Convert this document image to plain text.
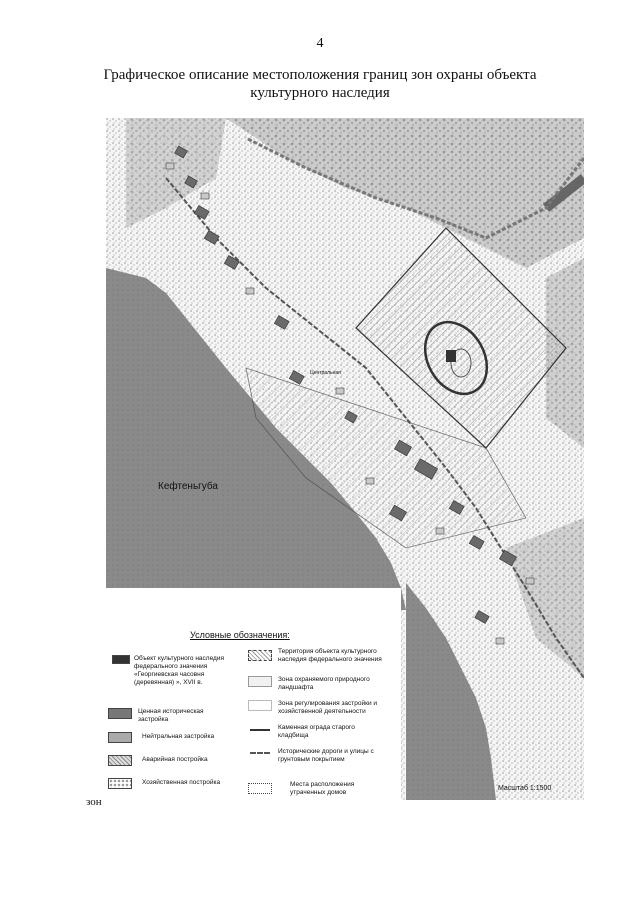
4
Графическое описание местоположения границ зон охраны объекта культурного наследия
Кефтеньгуба
Центральная
Условные обозначения:
Объект культурного наследия федерального значения «Георгиевская часовня (деревянная) », XVII в.
Ценная историческая застройка
Нейтральная застройка
Аварийная постройка
Хозяйственная постройка
Территория объекта культурного наследия федерального значения
Зона охраняемого природного ландшафта
Зона регулирования застройки и хозяйственной деятельности
Каменная ограда старого кладбища
Исторические дороги и улицы с грунтовым покрытием
Места расположения утраченных домов
Масштаб 1:1500
зон
